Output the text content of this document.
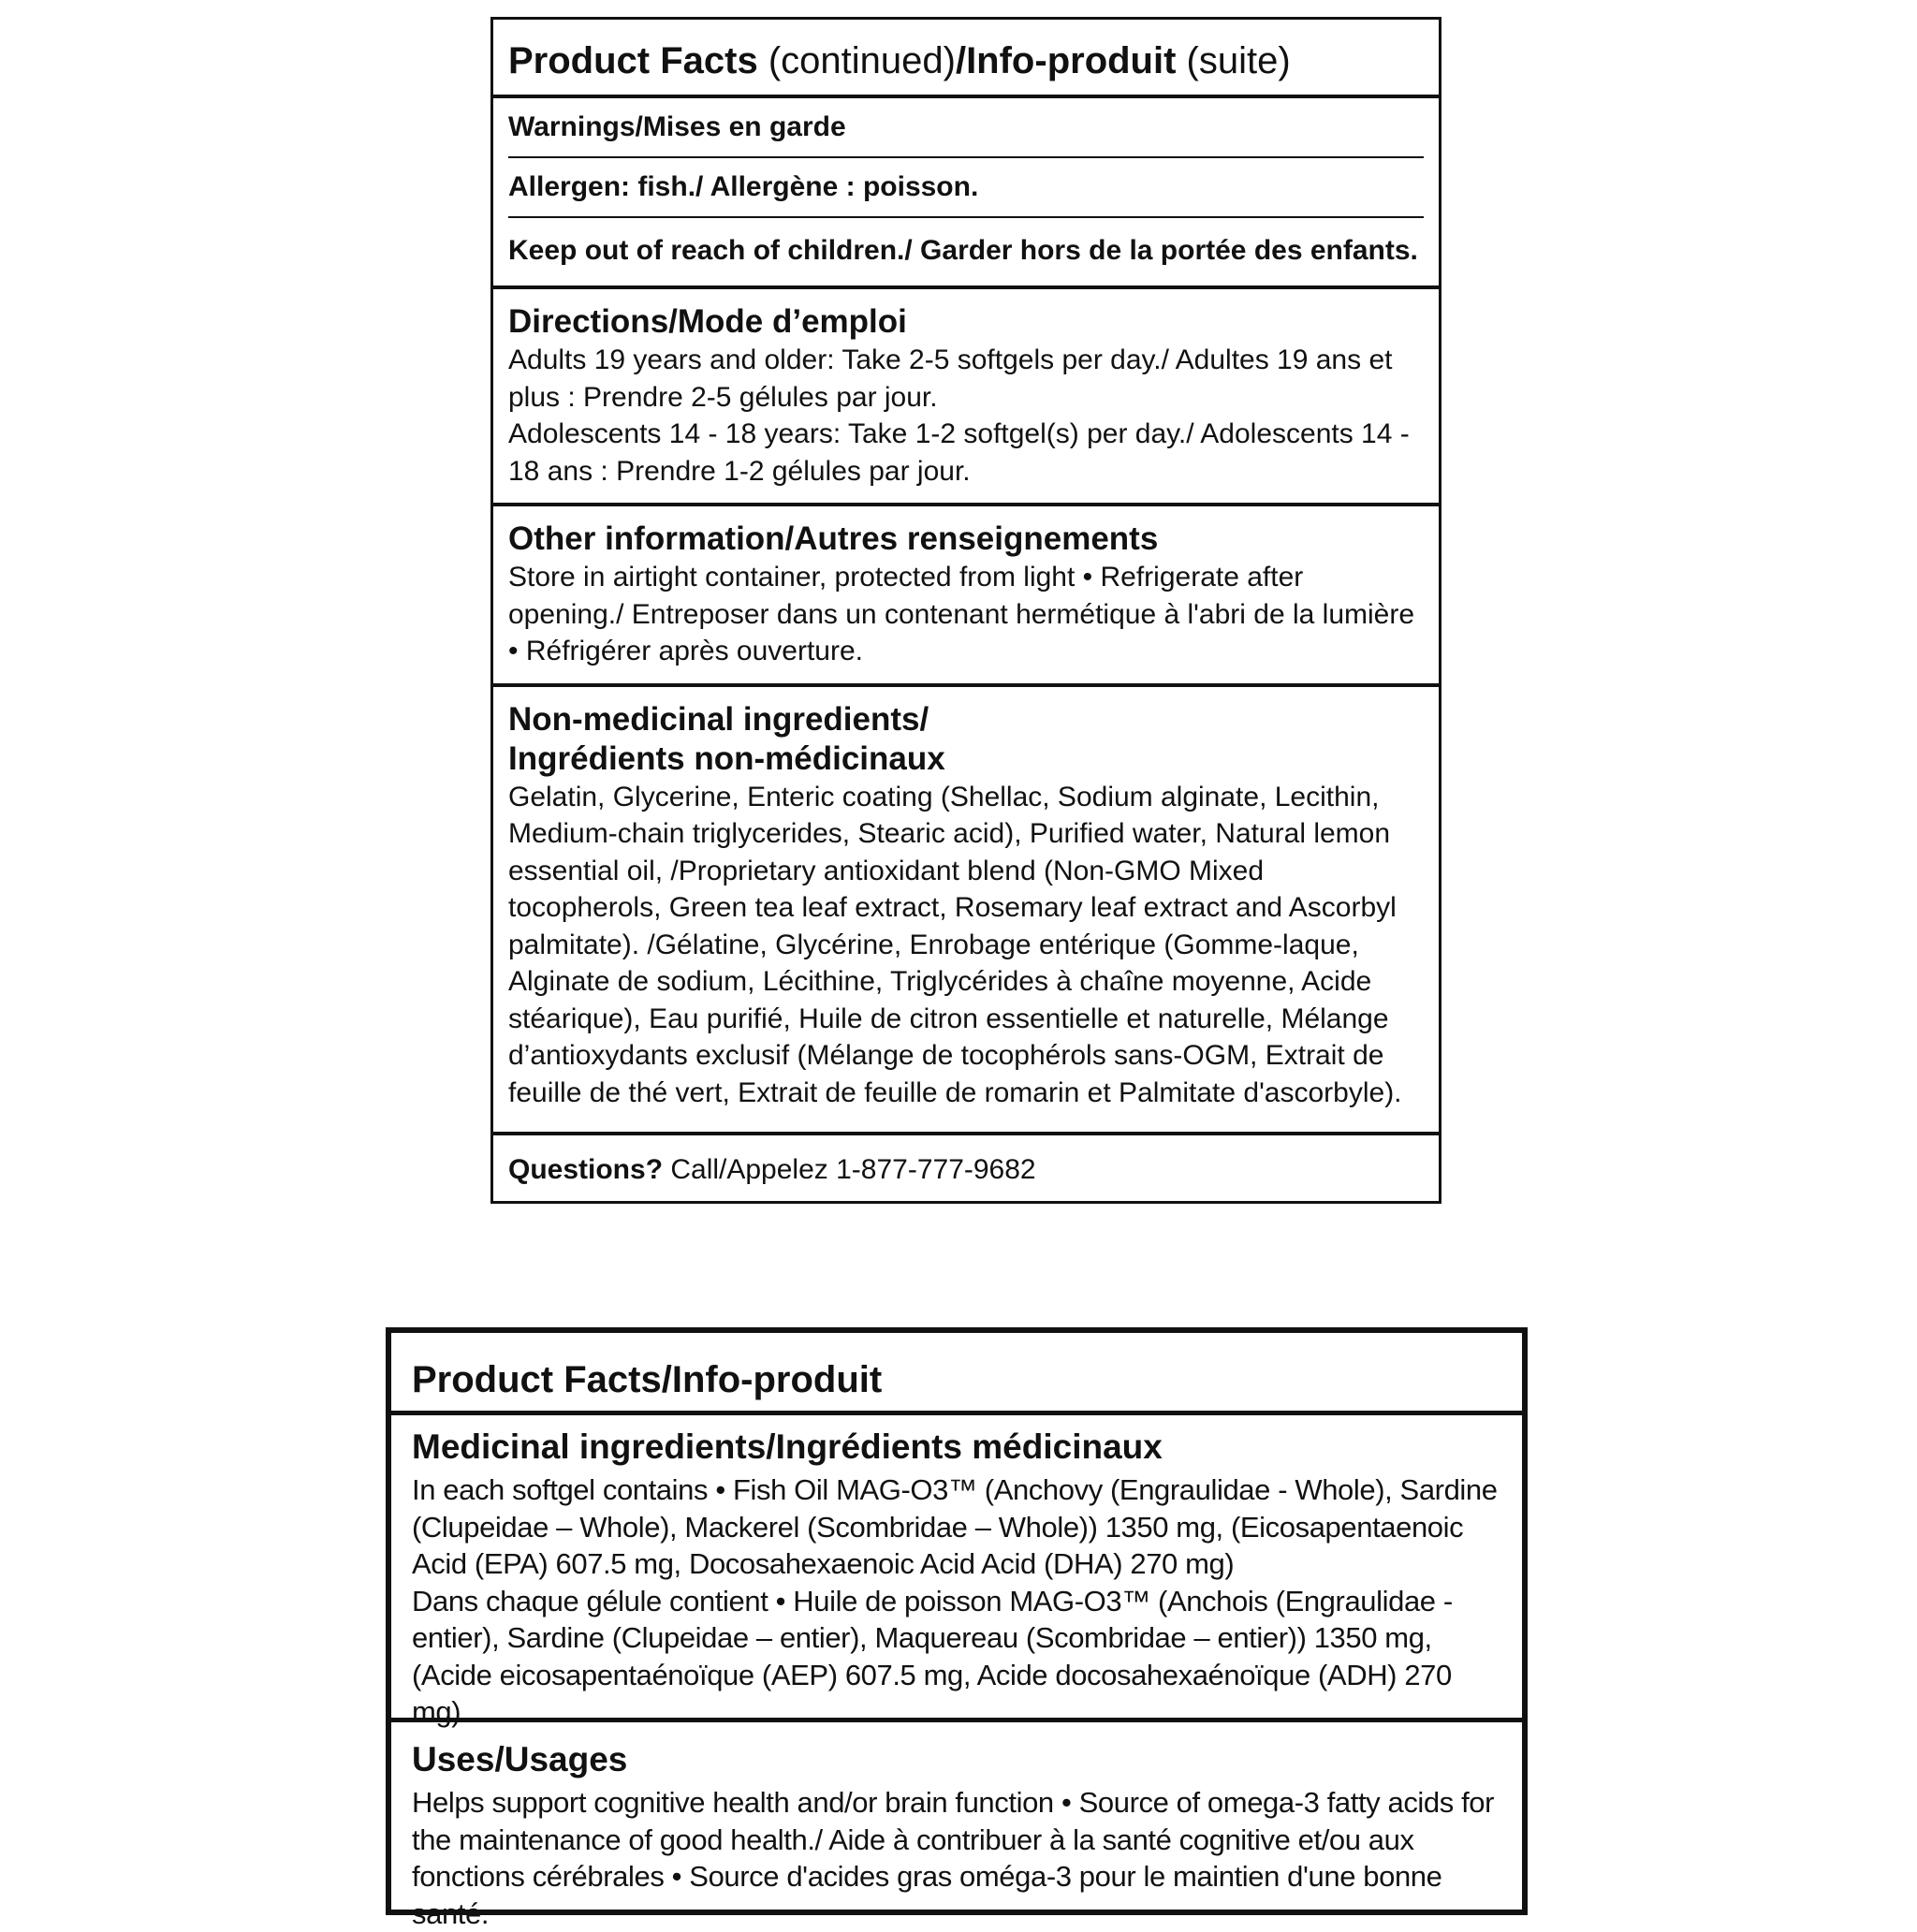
Product Facts (continued)/Info-produit (suite)
Warnings/Mises en garde
Allergen: fish./ Allergène : poisson.
Keep out of reach of children./ Garder hors de la portée des enfants.
Directions/Mode d’emploi

Adults 19 years and older: Take 2-5 softgels per day./ Adultes 19 ans et plus : Prendre 2-5 gélules par jour.

Adolescents 14 - 18 years: Take 1-2 softgel(s) per day./ Adolescents 14 - 18 ans : Prendre 1-2 gélules par jour.

Other information/Autres renseignements
Store in airtight container, protected from light • Refrigerate after opening./ Entreposer dans un contenant hermétique à l'abri de la lumière • Réfrigérer après ouverture.
Non-medicinal ingredients/
Ingrédients non-médicinaux
Gelatin, Glycerine, Enteric coating (Shellac, Sodium alginate, Lecithin, Medium-chain triglycerides, Stearic acid), Purified water, Natural lemon essential oil, /Proprietary antioxidant blend (Non-GMO Mixed tocopherols, Green tea leaf extract, Rosemary leaf extract and Ascorbyl palmitate). /Gélatine, Glycérine, Enrobage entérique (Gomme-laque, Alginate de sodium, Lécithine, Triglycérides à chaîne moyenne, Acide stéarique), Eau purifié, Huile de citron essentielle et naturelle, Mélange d’antioxydants exclusif (Mélange de tocophérols sans-OGM, Extrait de feuille de thé vert, Extrait de feuille de romarin et Palmitate d'ascorbyle).
Questions? Call/Appelez 1-877-777-9682
Product Facts/Info-produit
Medicinal ingredients/Ingrédients médicinaux

In each softgel contains • Fish Oil MAG-O3™ (Anchovy (Engraulidae - Whole), Sardine (Clupeidae – Whole), Mackerel (Scombridae – Whole)) 1350 mg, (Eicosapentaenoic Acid (EPA) 607.5 mg, Docosahexaenoic Acid Acid (DHA) 270 mg)

Dans chaque gélule contient • Huile de poisson MAG-O3™ (Anchois (Engraulidae - entier), Sardine (Clupeidae – entier), Maquereau (Scombridae – entier)) 1350 mg, (Acide eicosapentaénoïque (AEP) 607.5 mg, Acide docosahexaénoïque (ADH) 270 mg)

Uses/Usages
Helps support cognitive health and/or brain function • Source of omega-3 fatty acids for the maintenance of good health./ Aide à contribuer à la santé cognitive et/ou aux fonctions cérébrales • Source d'acides gras oméga-3 pour le maintien d'une bonne santé.
